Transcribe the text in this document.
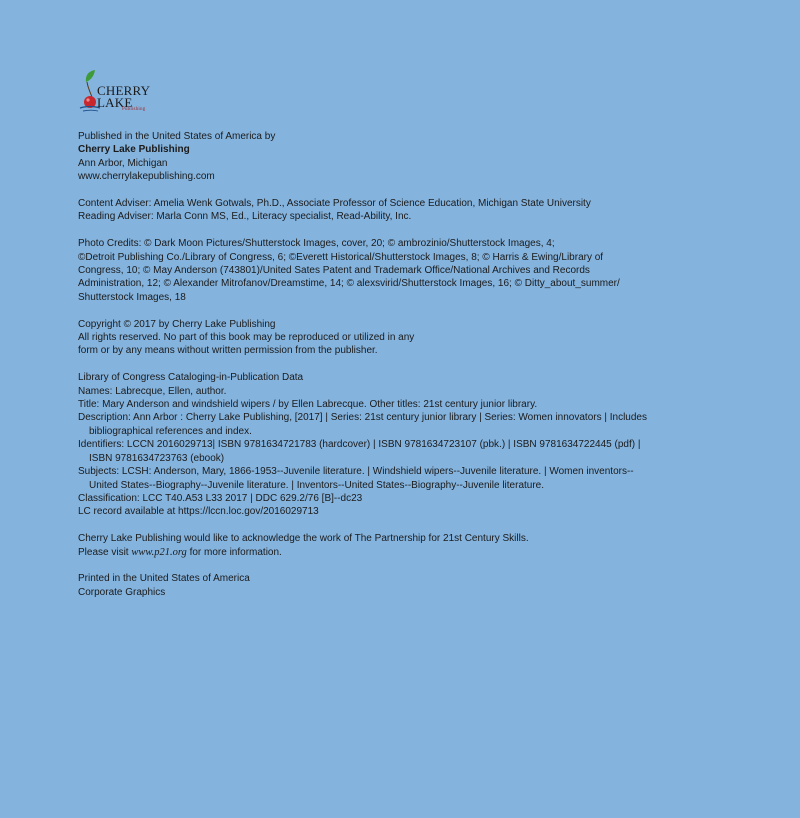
CHERRY
LAKE
Publishing
Published in the United States of America by
Cherry Lake Publishing
Ann Arbor, Michigan
www.cherrylakepublishing.com
Content Adviser: Amelia Wenk Gotwals, Ph.D., Associate Professor of Science Education, Michigan State University
Reading Adviser: Marla Conn MS, Ed., Literacy specialist, Read-Ability, Inc.
Photo Credits: © Dark Moon Pictures/Shutterstock Images, cover, 20; © ambrozinio/Shutterstock Images, 4;
©Detroit Publishing Co./Library of Congress, 6; ©Everett Historical/Shutterstock Images, 8; © Harris & Ewing/Library of
Congress, 10; © May Anderson (743801)/United Sates Patent and Trademark Office/National Archives and Records
Administration, 12; © Alexander Mitrofanov/Dreamstime, 14; © alexsvirid/Shutterstock Images, 16; © Ditty_about_summer/
Shutterstock Images, 18
Copyright © 2017 by Cherry Lake Publishing
All rights reserved. No part of this book may be reproduced or utilized in any
form or by any means without written permission from the publisher.
Library of Congress Cataloging-in-Publication Data
Names: Labrecque, Ellen, author.
Title: Mary Anderson and windshield wipers / by Ellen Labrecque. Other titles: 21st century junior library.
Description: Ann Arbor : Cherry Lake Publishing, [2017] | Series: 21st century junior library | Series: Women innovators | Includes
bibliographical references and index.
Identifiers: LCCN 2016029713| ISBN 9781634721783 (hardcover) | ISBN 9781634723107 (pbk.) | ISBN 9781634722445 (pdf) |
ISBN 9781634723763 (ebook)
Subjects: LCSH: Anderson, Mary, 1866-1953--Juvenile literature. | Windshield wipers--Juvenile literature. | Women inventors--
United States--Biography--Juvenile literature. | Inventors--United States--Biography--Juvenile literature.
Classification: LCC T40.A53 L33 2017 | DDC 629.2/76 [B]--dc23
LC record available at https://lccn.loc.gov/2016029713
Cherry Lake Publishing would like to acknowledge the work of The Partnership for 21st Century Skills.
Please visit www.p21.org for more information.
Printed in the United States of America
Corporate Graphics
